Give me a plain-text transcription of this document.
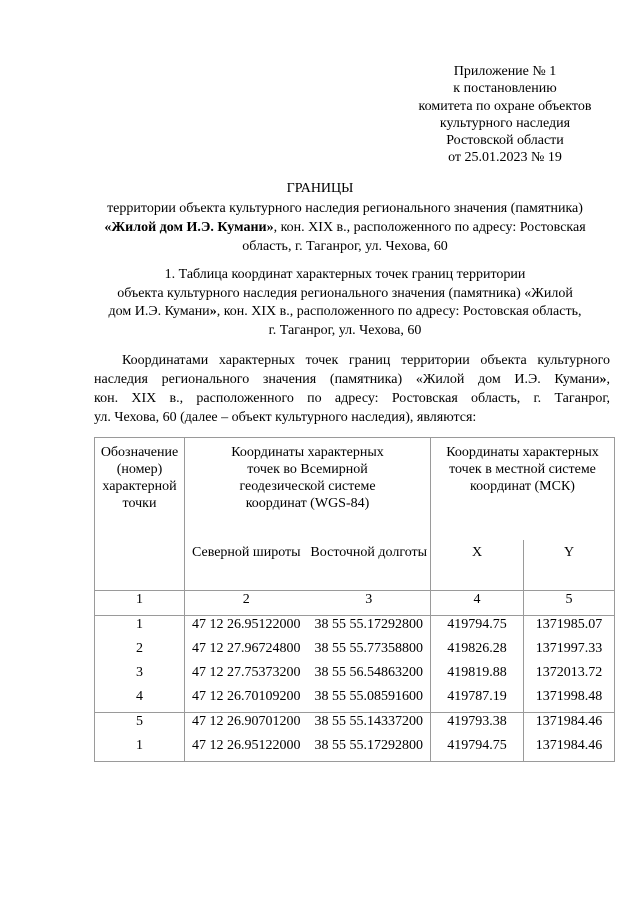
Приложение № 1
к постановлению
комитета по охране объектов
культурного наследия
Ростовской области
от 25.01.2023 № 19
ГРАНИЦЫ
территории объекта культурного наследия регионального значения (памятника)
«Жилой дом И.Э. Кумани», кон. XIX в., расположенного по адресу: Ростовская
область, г. Таганрог, ул. Чехова, 60
1. Таблица координат характерных точек границ территории
объекта культурного наследия регионального значения (памятника) «Жилой
дом И.Э. Кумани», кон. XIX в., расположенного по адресу: Ростовская область,
г. Таганрог, ул. Чехова, 60
Координатами характерных точек границ территории объекта культурного
наследия регионального значения (памятника) «Жилой дом И.Э. Кумани»,
кон. XIX в., расположенного по адресу: Ростовская область, г. Таганрог,
ул. Чехова, 60 (далее – объект культурного наследия), являются:
Обозначение (номер) характерной точки	Координаты характерных точек во Всемирной геодезической системе координат (WGS-84)		Координаты характерных точек в местной системе координат (МСК)	
	Северной широты	Восточной долготы	X	Y
1	2	3	4	5
1	47 12 26.95122000	38 55 55.17292800	419794.75	1371985.07
2	47 12 27.96724800	38 55 55.77358800	419826.28	1371997.33
3	47 12 27.75373200	38 55 56.54863200	419819.88	1372013.72
4	47 12 26.70109200	38 55 55.08591600	419787.19	1371998.48
5	47 12 26.90701200	38 55 55.14337200	419793.38	1371984.46
1	47 12 26.95122000	38 55 55.17292800	419794.75	1371984.46
